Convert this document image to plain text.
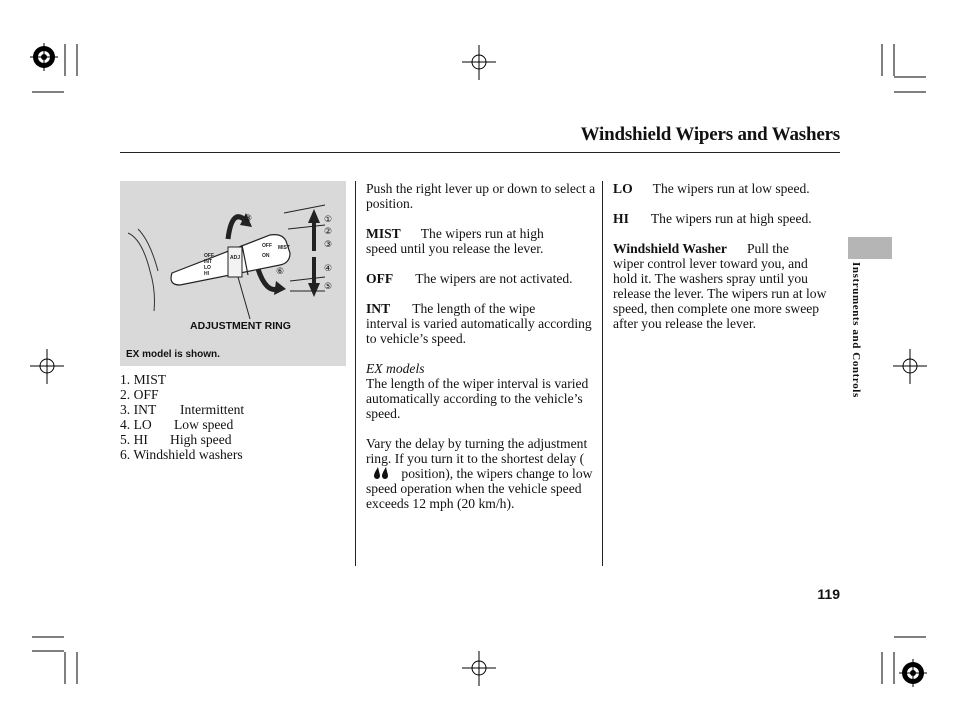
Windshield Wipers and Washers
OFF
INT
LO
HI
ADJ
OFF
ON
MIST
①
②
③
④
⑤
⑥
③
ADJUSTMENT RING
EX model is shown.
1. MIST
2. OFF
3. INT Intermittent
4. LO Low speed
5. HI High speed
6. Windshield washers

Push the right lever up or down to select a position.

MIST The wipers run at high
speed until you release the lever.

OFF The wipers are not activated.

INT The length of the wipe
interval is varied automatically according to vehicle’s speed.

EX models

The length of the wiper interval is varied automatically according to the vehicle’s speed.

Vary the delay by turning the adjustment ring. If you turn it to the shortest delay (  position), the wipers change to low speed operation when the vehicle speed exceeds 12 mph (20 km/h).

LO The wipers run at low speed.

HI The wipers run at high speed.

Windshield Washer Pull the
wiper control lever toward you, and hold it. The washers spray until you release the lever. The wipers run at low speed, then complete one more sweep after you release the lever.	Instruments and Controls
119
